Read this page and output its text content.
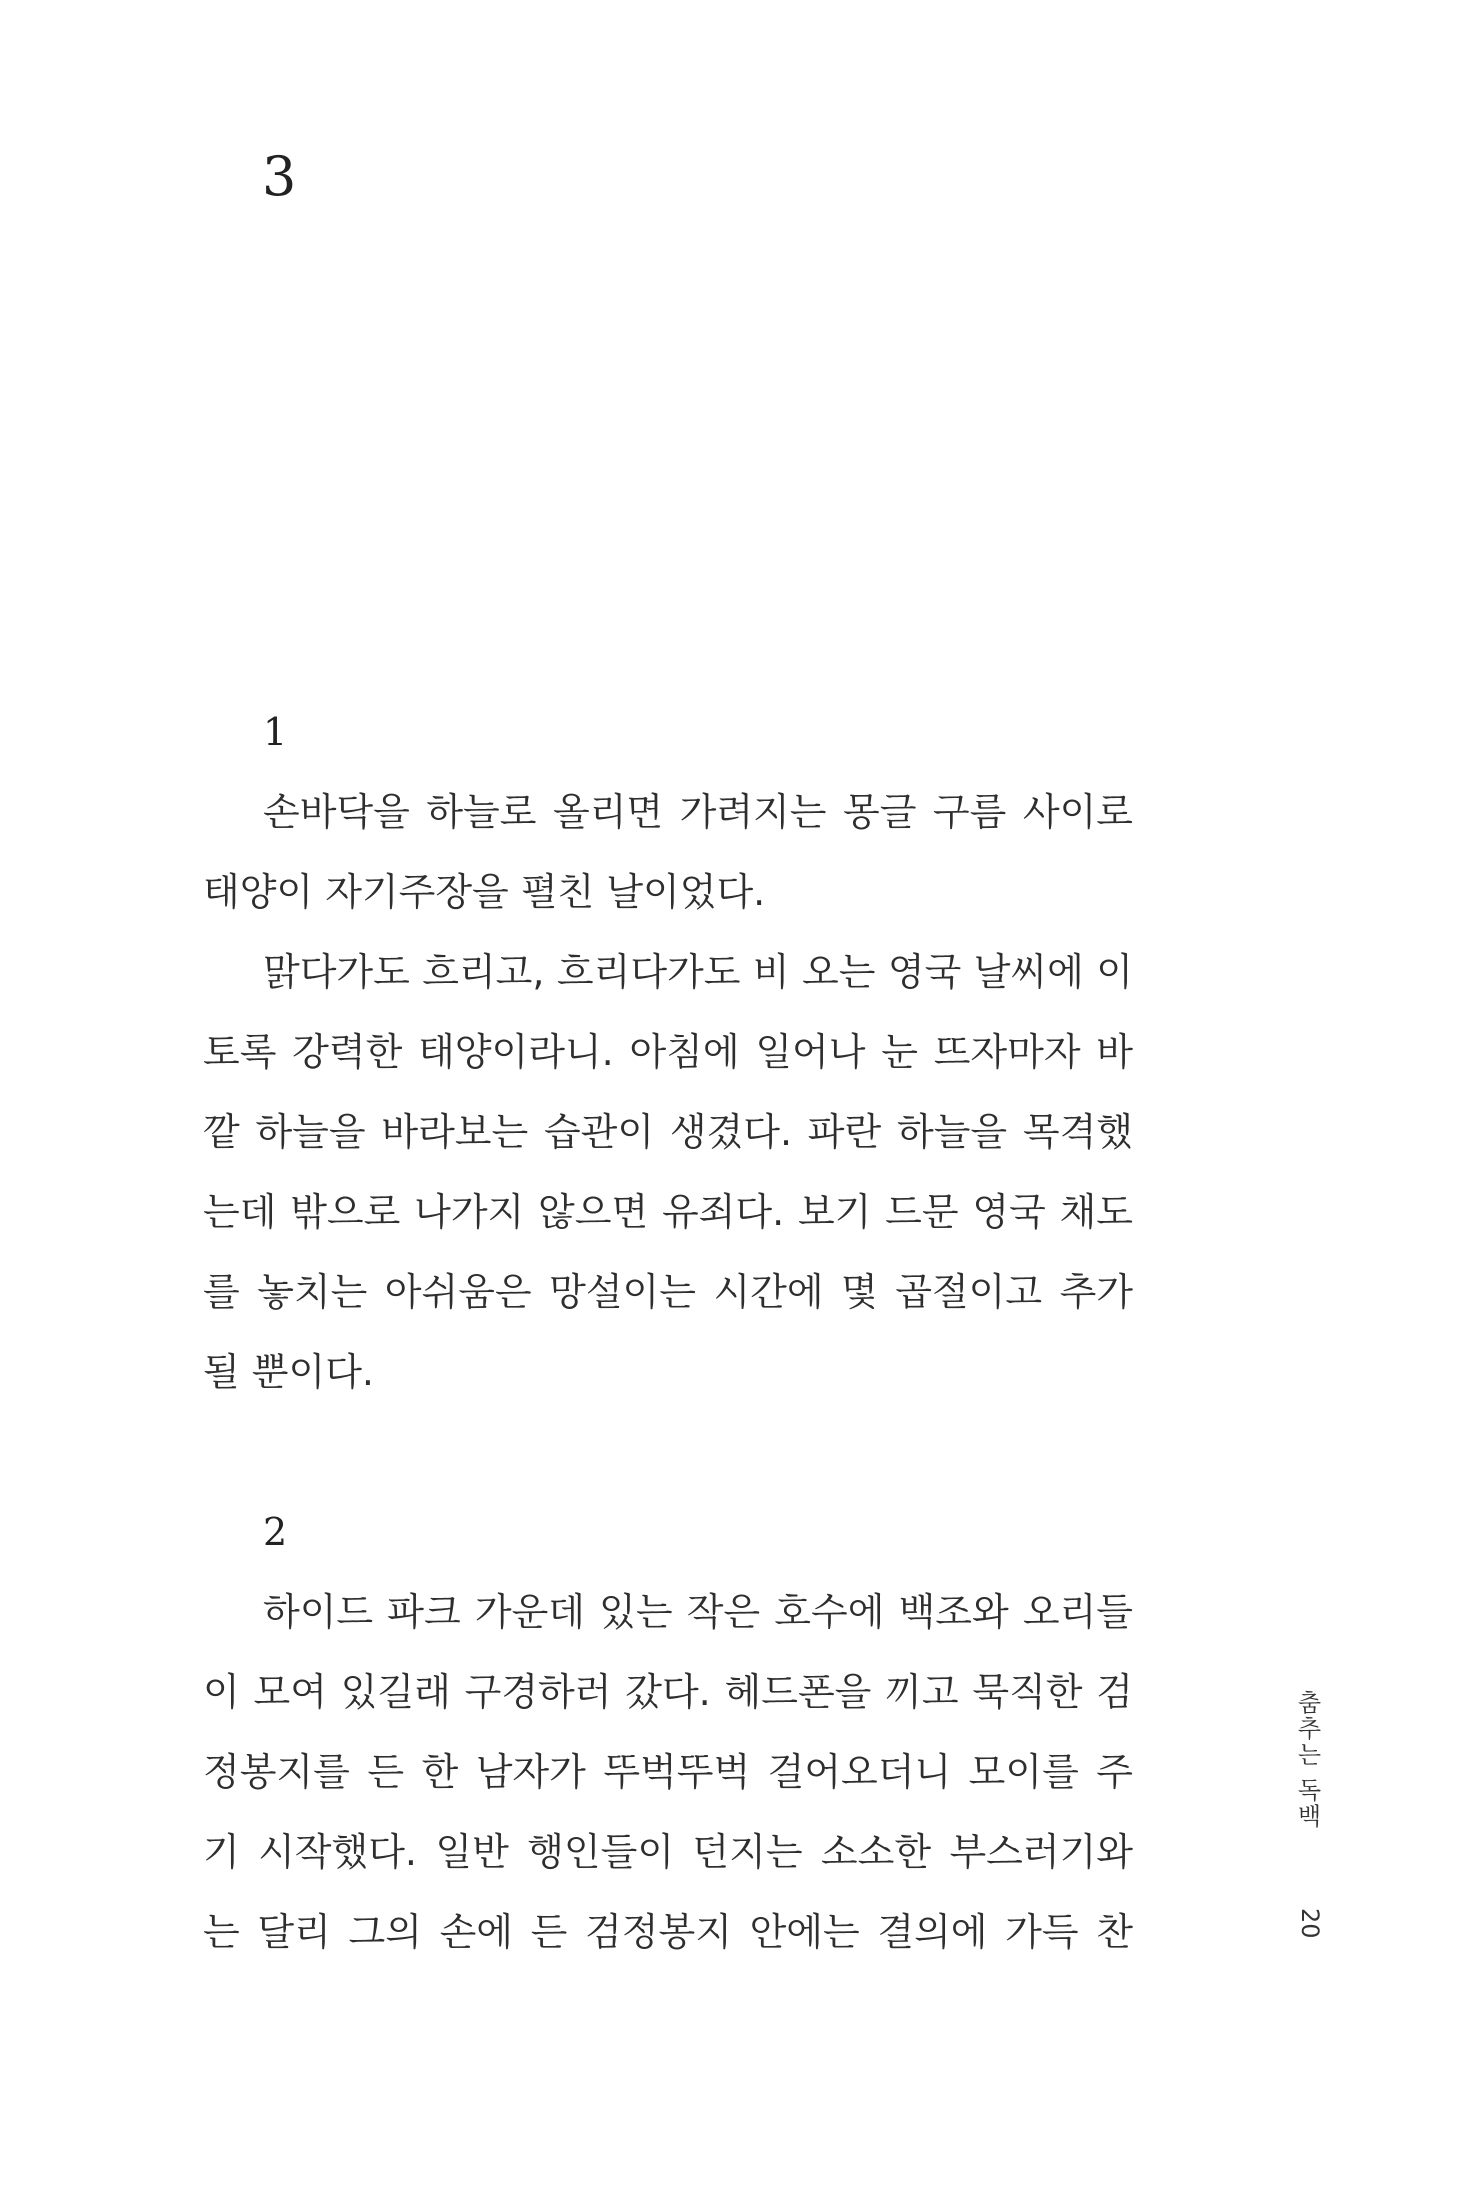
3
1
손바닥을 하늘로 올리면 가려지는 몽글 구름 사이로
태양이 자기주장을 펼친 날이었다.
맑다가도 흐리고, 흐리다가도 비 오는 영국 날씨에 이
토록 강력한 태양이라니. 아침에 일어나 눈 뜨자마자 바
깥 하늘을 바라보는 습관이 생겼다. 파란 하늘을 목격했
는데 밖으로 나가지 않으면 유죄다. 보기 드문 영국 채도
를 놓치는 아쉬움은 망설이는 시간에 몇 곱절이고 추가
될 뿐이다.
2
하이드 파크 가운데 있는 작은 호수에 백조와 오리들
이 모여 있길래 구경하러 갔다. 헤드폰을 끼고 묵직한 검
정봉지를 든 한 남자가 뚜벅뚜벅 걸어오더니 모이를 주
기 시작했다. 일반 행인들이 던지는 소소한 부스러기와
는 달리 그의 손에 든 검정봉지 안에는 결의에 가득 찬
춤추는 독백
20
